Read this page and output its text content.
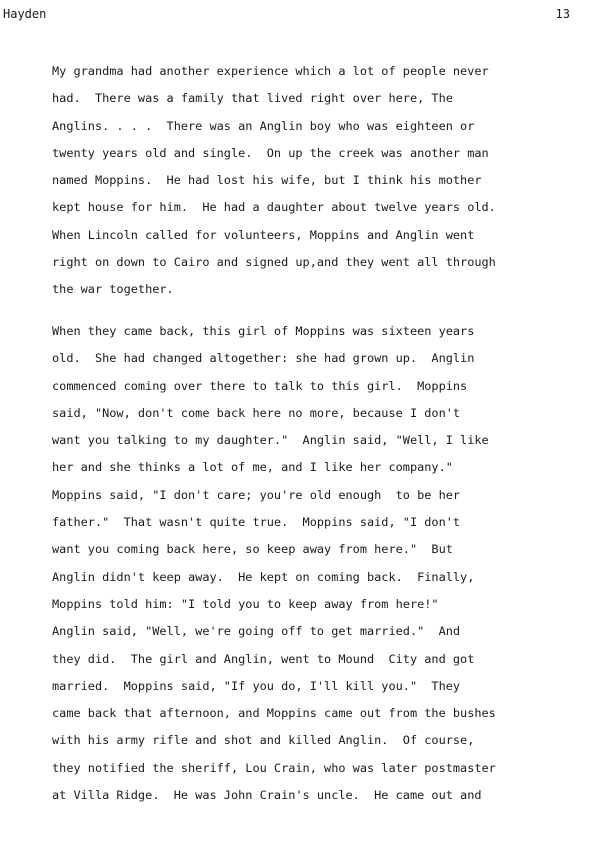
Hayden	13
My grandma had another experience which a lot of people never
had.  There was a family that lived right over here, The
Anglins. . . .  There was an Anglin boy who was eighteen or
twenty years old and single.  On up the creek was another man
named Moppins.  He had lost his wife, but I think his mother
kept house for him.  He had a daughter about twelve years old.
When Lincoln called for volunteers, Moppins and Anglin went
right on down to Cairo and signed up,and they went all through
the war together.
When they came back, this girl of Moppins was sixteen years
old.  She had changed altogether: she had grown up.  Anglin
commenced coming over there to talk to this girl.  Moppins
said, "Now, don't come back here no more, because I don't
want you talking to my daughter."  Anglin said, "Well, I like
her and she thinks a lot of me, and I like her company."
Moppins said, "I don't care; you're old enough  to be her
father."  That wasn't quite true.  Moppins said, "I don't
want you coming back here, so keep away from here."  But
Anglin didn't keep away.  He kept on coming back.  Finally,
Moppins told him: "I told you to keep away from here!"
Anglin said, "Well, we're going off to get married."  And
they did.  The girl and Anglin, went to Mound  City and got
married.  Moppins said, "If you do, I'll kill you."  They
came back that afternoon, and Moppins came out from the bushes
with his army rifle and shot and killed Anglin.  Of course,
they notified the sheriff, Lou Crain, who was later postmaster
at Villa Ridge.  He was John Crain's uncle.  He came out and
